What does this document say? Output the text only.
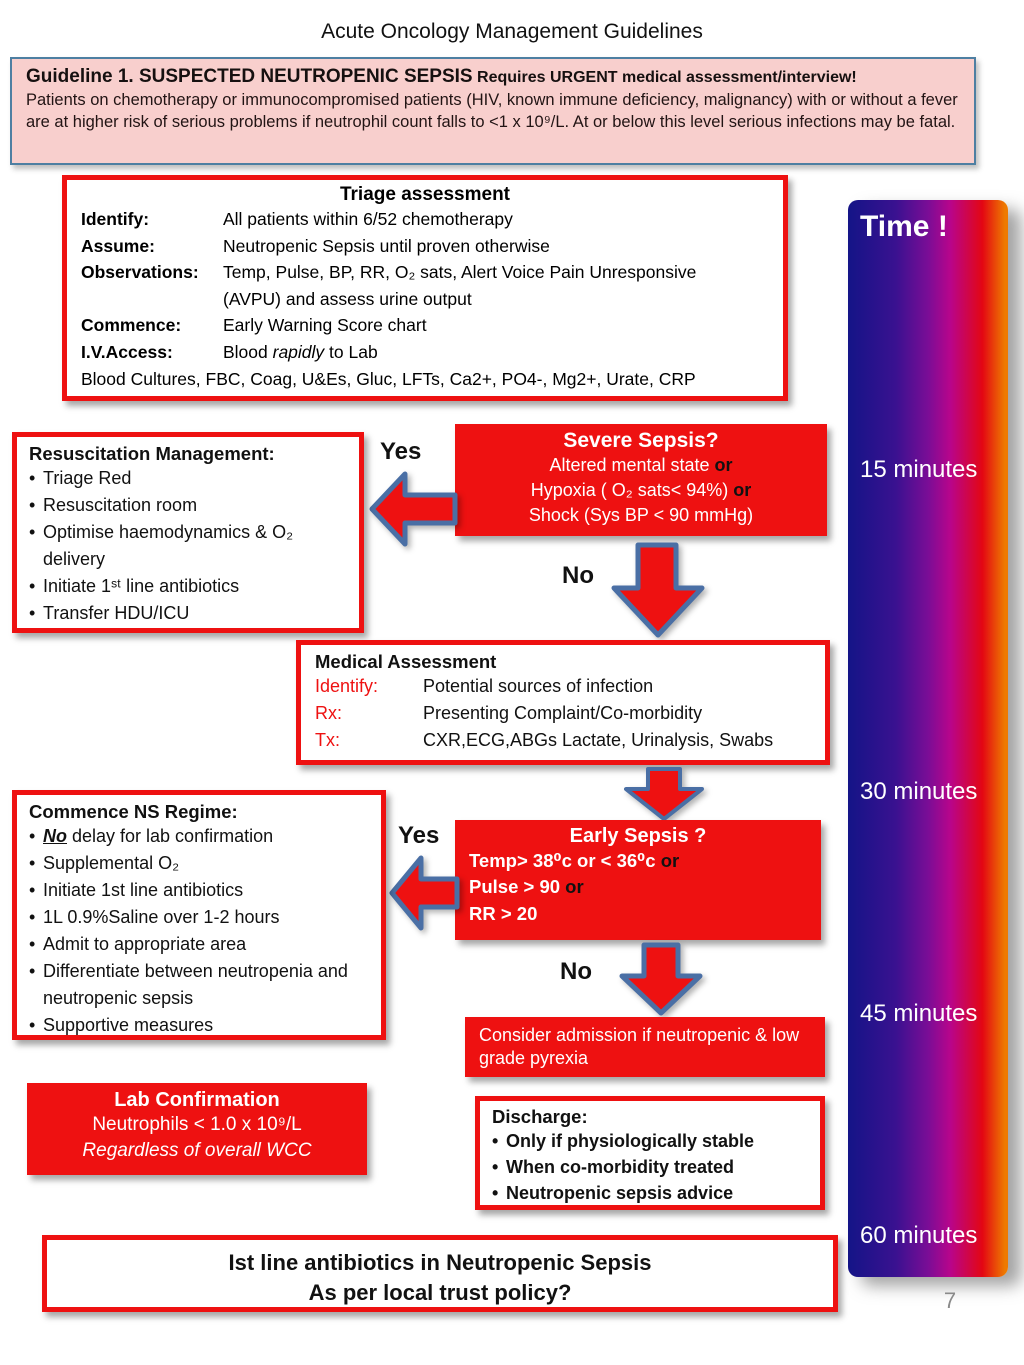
Acute Oncology Management Guidelines
Guideline 1. SUSPECTED NEUTROPENIC SEPSIS Requires URGENT medical assessment/interview!
Patients on chemotherapy or immunocompromised patients (HIV, known immune deficiency, malignancy) with or without a fever are at higher risk of serious problems if neutrophil count falls to <1 x 10⁹/L. At or below this level serious infections may be fatal.
Triage assessment
Identify:	All patients within 6/52 chemotherapy
Assume:	Neutropenic Sepsis until proven otherwise
Observations:	Temp, Pulse, BP, RR, O₂ sats, Alert Voice Pain Unresponsive
(AVPU) and assess urine output
Commence:	Early Warning Score chart
I.V.Access:	Blood rapidly to Lab
Blood Cultures, FBC, Coag, U&Es, Gluc, LFTs, Ca2+, PO4-, Mg2+, Urate, CRP
Time !
15 minutes
30 minutes
45 minutes
60 minutes
Severe Sepsis?
Altered mental state or
Hypoxia ( O₂ sats< 94%) or
Shock (Sys BP < 90 mmHg)
Yes
Resuscitation Management:
• Triage Red
• Resuscitation room
• Optimise haemodynamics & O₂ delivery
• Initiate 1ˢᵗ line antibiotics
• Transfer HDU/ICU
No
Medical Assessment
Identify:	Potential sources of infection
Rx:	Presenting Complaint/Co-morbidity
Tx:	CXR,ECG,ABGs Lactate, Urinalysis, Swabs
Early Sepsis ?
Temp> 38⁰c or < 36⁰c or
Pulse > 90 or
RR > 20
Yes
Commence NS Regime:
• No delay for lab confirmation
• Supplemental O₂
• Initiate 1st line antibiotics
• 1L 0.9%Saline over 1-2 hours
• Admit to appropriate area
• Differentiate between neutropenia and neutropenic sepsis
• Supportive measures
No
Consider admission if neutropenic & low grade pyrexia
Lab Confirmation
Neutrophils < 1.0 x 10⁹/L
Regardless of overall WCC
Discharge:
• Only if physiologically stable
• When co-morbidity treated
• Neutropenic sepsis advice
Ist line antibiotics in Neutropenic Sepsis
As per local trust policy?	7
